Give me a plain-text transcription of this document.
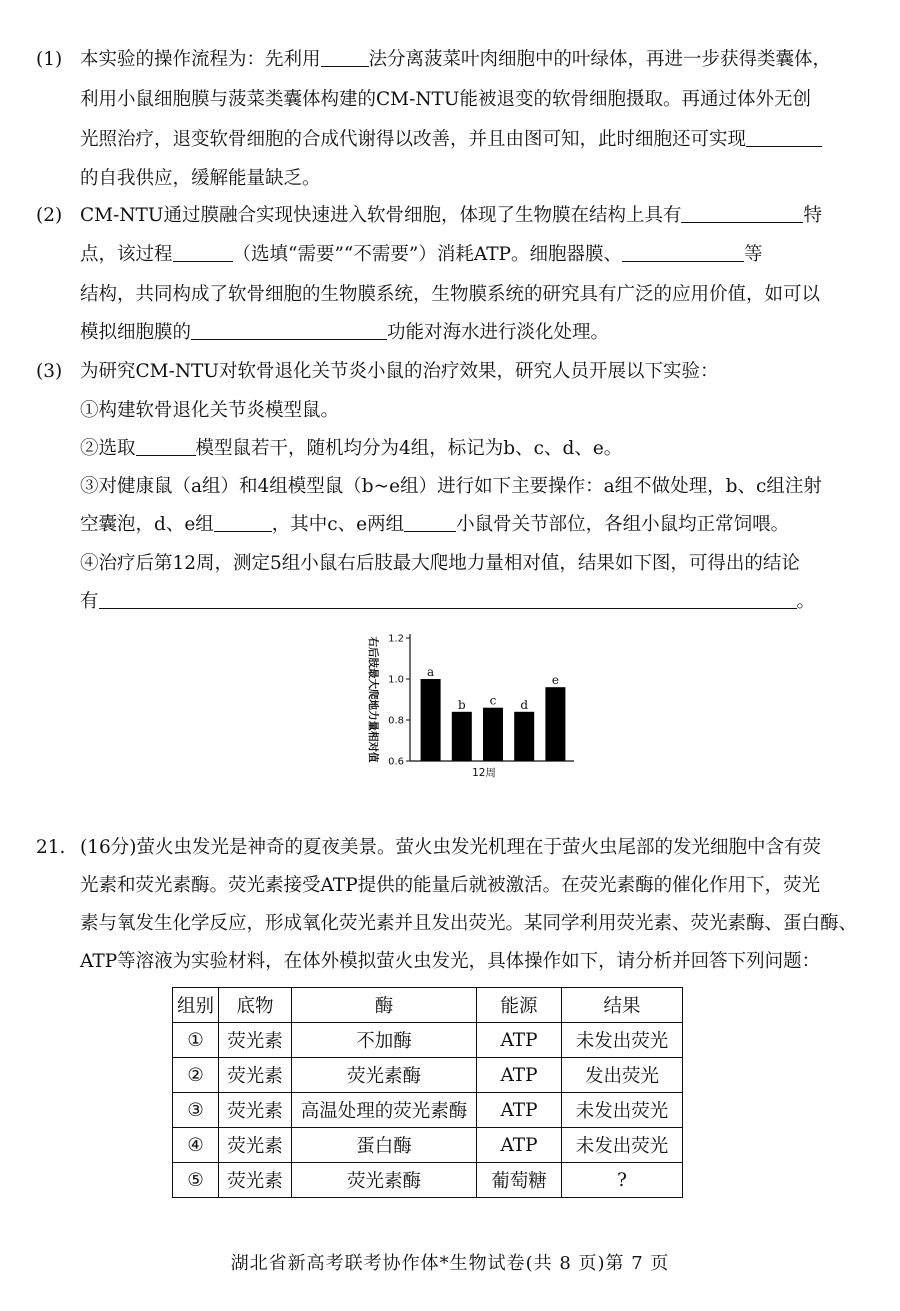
(1) 本实验的操作流程为：先利用	法分离菠菜叶肉细胞中的叶绿体，再进一步获得类囊体，
利用小鼠细胞膜与菠菜类囊体构建的CM-NTU能被退变的软骨细胞摄取。再通过体外无创
光照治疗，退变软骨细胞的合成代谢得以改善，并且由图可知，此时细胞还可实现
的自我供应，缓解能量缺乏。
(2) CM-NTU通过膜融合实现快速进入软骨细胞，体现了生物膜在结构上具有	特
点，该过程	（选填“需要”“不需要”）消耗ATP。细胞器膜、	等
结构，共同构成了软骨细胞的生物膜系统，生物膜系统的研究具有广泛的应用价值，如可以
模拟细胞膜的	功能对海水进行淡化处理。
(3) 为研究CM-NTU对软骨退化关节炎小鼠的治疗效果，研究人员开展以下实验：
①构建软骨退化关节炎模型鼠。
②选取	模型鼠若干，随机均分为4组，标记为b、c、d、e。
③对健康鼠（a组）和4组模型鼠（b~e组）进行如下主要操作：a组不做处理，b、c组注射
空囊泡，d、e组	，其中c、e两组	小鼠骨关节部位，各组小鼠均正常饲喂。
④治疗后第12周，测定5组小鼠右后肢最大爬地力量相对值，结果如下图，可得出的结论
有	。
0.6
0.8
1.0
1.2
a
b c d
e
12周
右后肢最大爬地力量相对值
21. (16分)萤火虫发光是神奇的夏夜美景。萤火虫发光机理在于萤火虫尾部的发光细胞中含有荧
光素和荧光素酶。荧光素接受ATP提供的能量后就被激活。在荧光素酶的催化作用下，荧光
素与氧发生化学反应，形成氧化荧光素并且发出荧光。某同学利用荧光素、荧光素酶、蛋白酶、
ATP等溶液为实验材料，在体外模拟萤火虫发光，具体操作如下，请分析并回答下列问题：
组别	底物	酶	能源	结果
①	荧光素	不加酶	ATP	未发出荧光
②	荧光素	荧光素酶	ATP	发出荧光
③	荧光素	高温处理的荧光素酶	ATP	未发出荧光
④	荧光素	蛋白酶	ATP	未发出荧光
⑤	荧光素	荧光素酶	葡萄糖	?
湖北省新高考联考协作体*生物试卷(共 8 页)第 7 页
